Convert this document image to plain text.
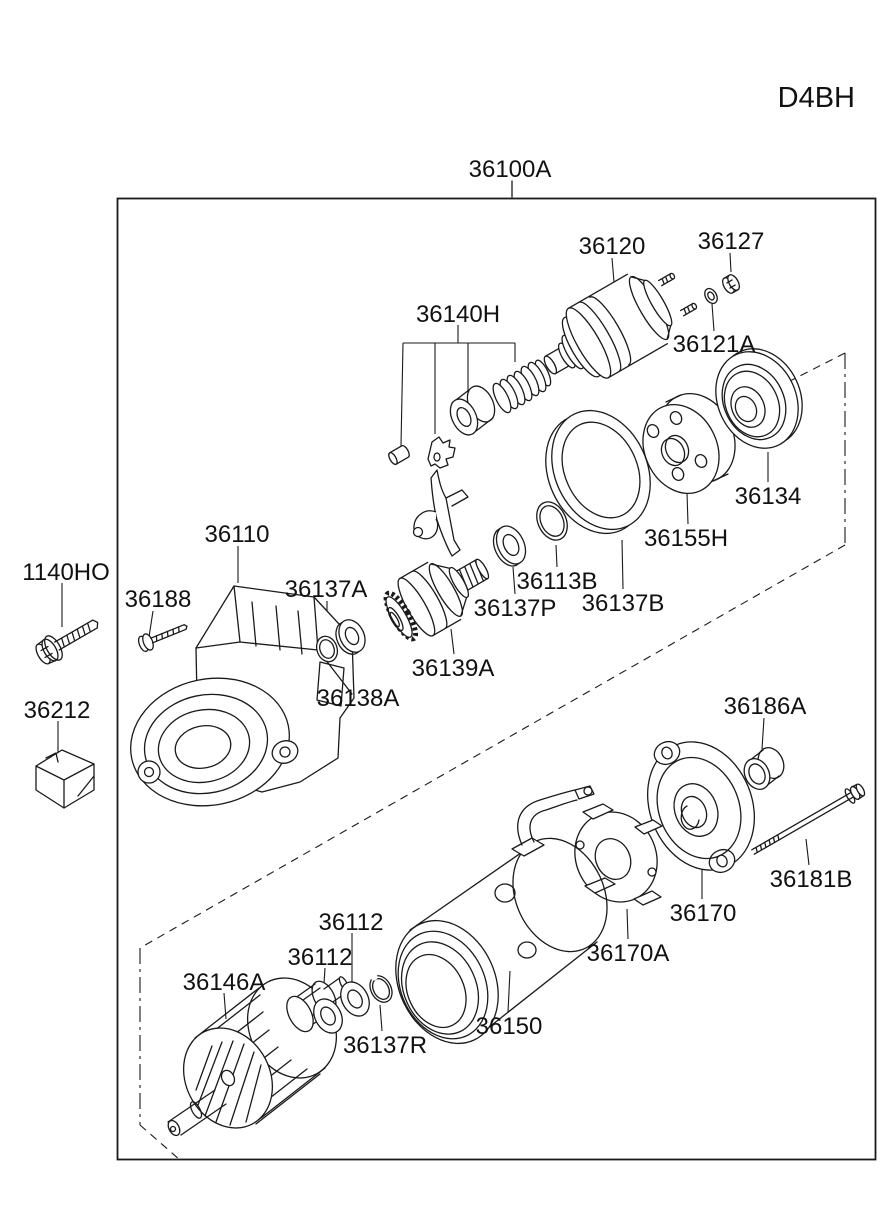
D4BH
36100A
36120 36127
36121A
36140H
36134
36155H
36110
36188	36137A
36137P
36113B
36137B
36139A
36138A
1140HO
36212	36186A
36181B
36170
36170A
36112
36112
36146A
36150
36137R
